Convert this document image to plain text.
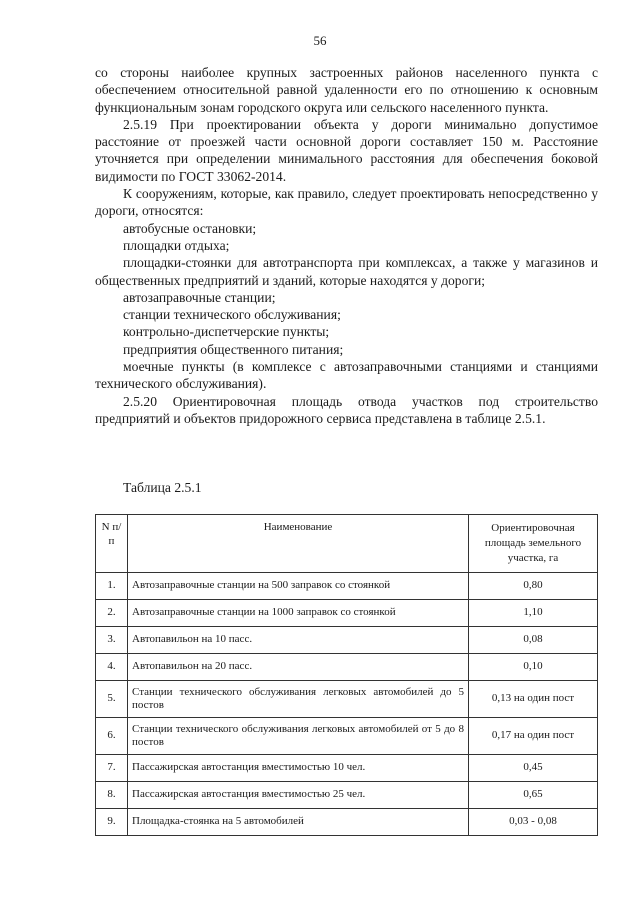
56

со стороны наиболее крупных застроенных районов населенного пункта с обеспечением относительной равной удаленности его по отношению к основным функциональным зонам городского округа или сельского населенного пункта.

2.5.19 При проектировании объекта у дороги минимально допустимое расстояние от проезжей части основной дороги составляет 150 м. Расстояние уточняется при определении минимального расстояния для обеспечения боковой видимости по ГОСТ 33062-2014.

К сооружениям, которые, как правило, следует проектировать непосредственно у дороги, относятся:

автобусные остановки;

площадки отдыха;

площадки-стоянки для автотранспорта при комплексах, а также у магазинов и общественных предприятий и зданий, которые находятся у дороги;

автозаправочные станции;

станции технического обслуживания;

контрольно-диспетчерские пункты;

предприятия общественного питания;

моечные пункты (в комплексе с автозаправочными станциями и станциями технического обслуживания).

2.5.20 Ориентировочная площадь отвода участков под строительство предприятий и объектов придорожного сервиса представлена в таблице 2.5.1.

Таблица 2.5.1
N п/п	Наименование	Ориентировочная площадь земельного участка, га
1.	Автозаправочные станции на 500 заправок со стоянкой	0,80
2.	Автозаправочные станции на 1000 заправок со стоянкой	1,10
3.	Автопавильон на 10 пасс.	0,08
4.	Автопавильон на 20 пасс.	0,10
5.	Станции технического обслуживания легковых автомобилей до 5 постов	0,13 на один пост
6.	Станции технического обслуживания легковых автомобилей от 5 до 8 постов	0,17 на один пост
7.	Пассажирская автостанция вместимостью 10 чел.	0,45
8.	Пассажирская автостанция вместимостью 25 чел.	0,65
9.	Площадка-стоянка на 5 автомобилей	0,03 - 0,08
